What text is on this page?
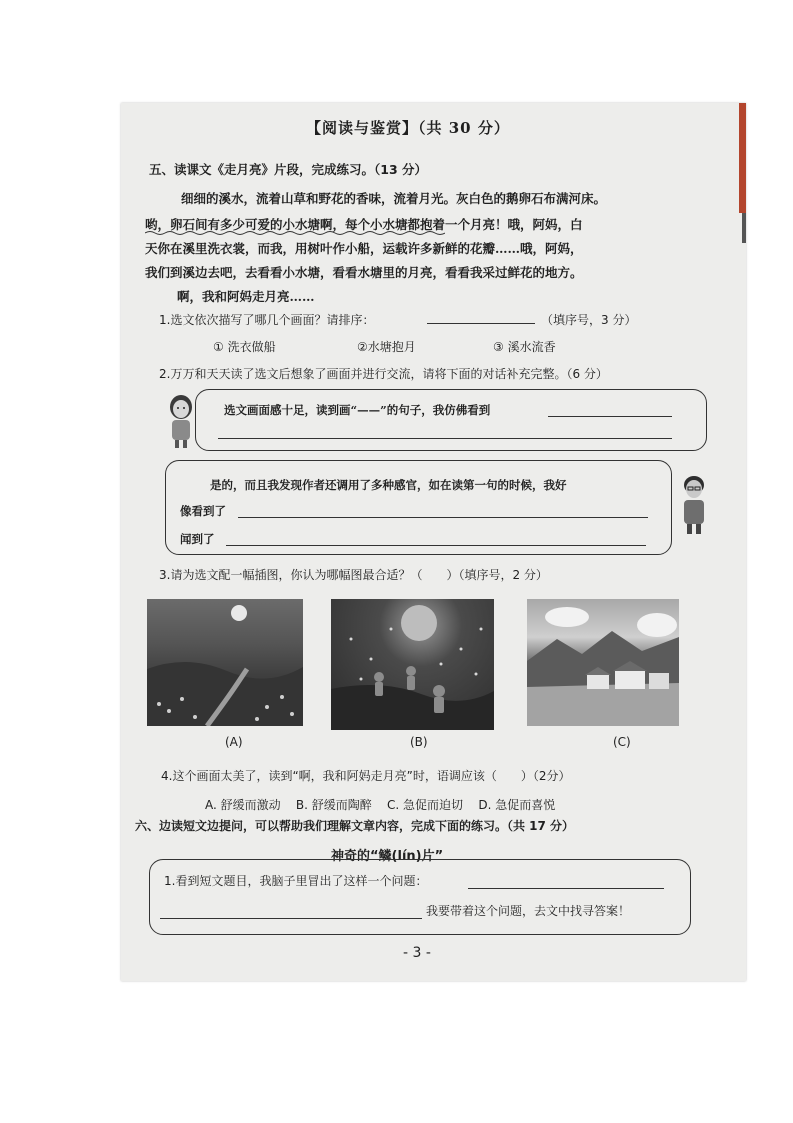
【阅读与鉴赏】（共 30 分）
五、读课文《走月亮》片段，完成练习。（13 分）
细细的溪水，流着山草和野花的香味，流着月光。灰白色的鹅卵石布满河床。
哟，卵石间有多少可爱的小水塘啊，每个小水塘都抱着一个月亮！哦，阿妈，白
天你在溪里洗衣裳，而我，用树叶作小船，运载许多新鲜的花瓣……哦，阿妈，
我们到溪边去吧，去看看小水塘，看看水塘里的月亮，看看我采过鲜花的地方。
啊，我和阿妈走月亮……
1.选文依次描写了哪几个画面？请排序：	（填序号，3 分）
① 洗衣做船	②水塘抱月	③ 溪水流香
2.万万和天天读了选文后想象了画面并进行交流，请将下面的对话补充完整。（6 分）
选文画面感十足，读到画“——”的句子，我仿佛看到
是的，而且我发现作者还调用了多种感官，如在读第一句的时候，我好
像看到了
闻到了
3.请为选文配一幅插图，你认为哪幅图最合适？（　　）（填序号，2 分）
(A)	(B)	(C)
4.这个画面太美了，读到“啊，我和阿妈走月亮”时，语调应该（　　）（2分）
A. 舒缓而激动 B. 舒缓而陶醉 C. 急促而迫切 D. 急促而喜悦
六、边读短文边提问，可以帮助我们理解文章内容，完成下面的练习。（共 17 分）
神奇的“鳞(lín)片”
1.看到短文题目，我脑子里冒出了这样一个问题：
我要带着这个问题，去文中找寻答案！
- 3 -
